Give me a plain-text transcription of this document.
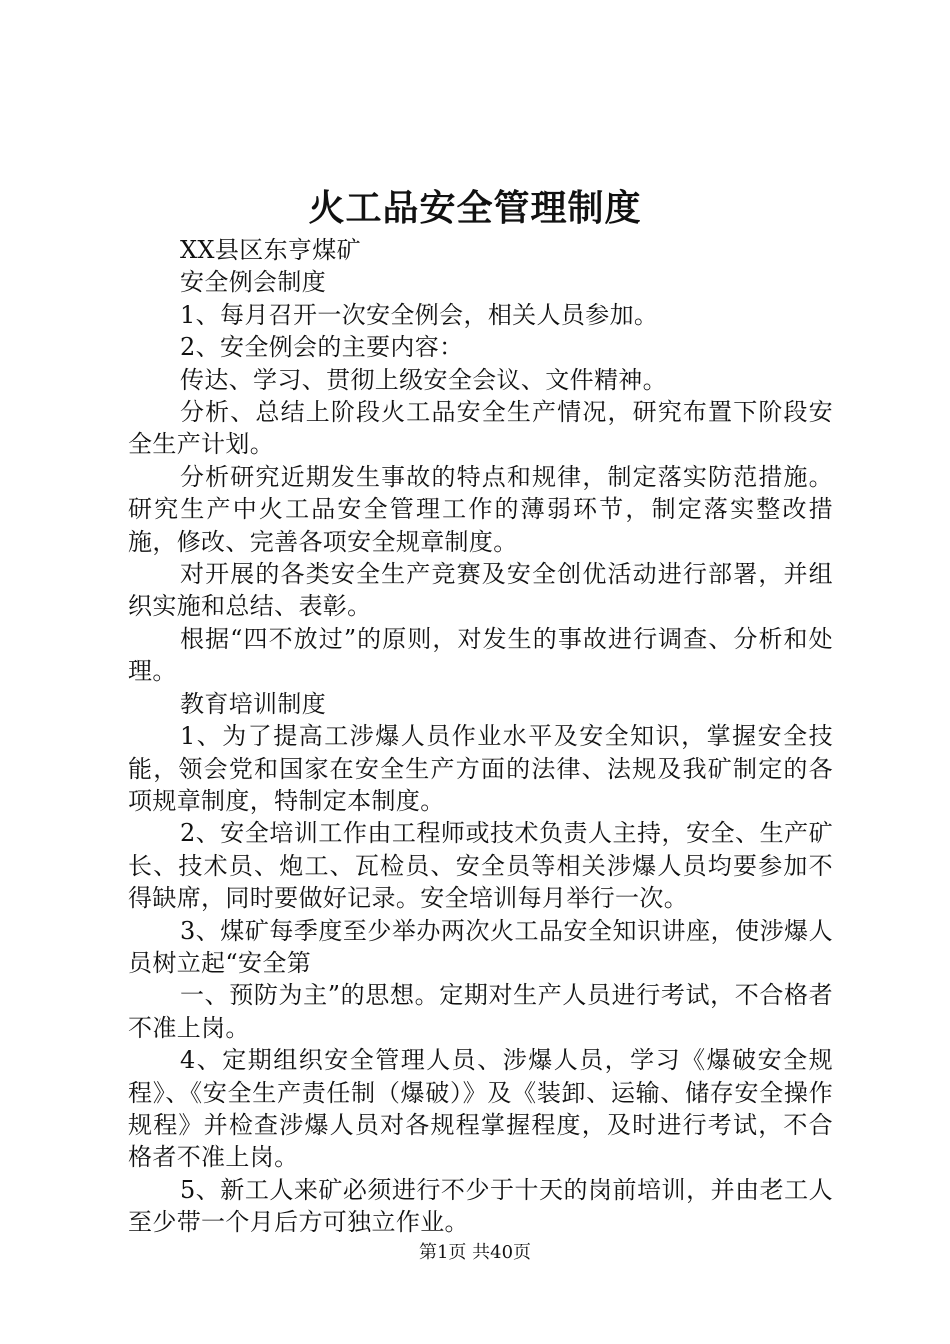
火工品安全管理制度

XX县区东亨煤矿

安全例会制度

1、每月召开一次安全例会，相关人员参加。

2、安全例会的主要内容：

传达、学习、贯彻上级安全会议、文件精神。

分析、总结上阶段火工品安全生产情况，研究布置下阶段安全生产计划。

分析研究近期发生事故的特点和规律，制定落实防范措施。研究生产中火工品安全管理工作的薄弱环节，制定落实整改措施，修改、完善各项安全规章制度。

对开展的各类安全生产竞赛及安全创优活动进行部署，并组织实施和总结、表彰。

根据“四不放过”的原则，对发生的事故进行调查、分析和处理。

教育培训制度

1、为了提高工涉爆人员作业水平及安全知识，掌握安全技能，领会党和国家在安全生产方面的法律、法规及我矿制定的各项规章制度，特制定本制度。

2、安全培训工作由工程师或技术负责人主持，安全、生产矿长、技术员、炮工、瓦检员、安全员等相关涉爆人员均要参加不得缺席，同时要做好记录。安全培训每月举行一次。

3、煤矿每季度至少举办两次火工品安全知识讲座，使涉爆人员树立起“安全第

一、预防为主”的思想。定期对生产人员进行考试，不合格者不准上岗。

4、定期组织安全管理人员、涉爆人员，学习《爆破安全规程》、《安全生产责任制（爆破）》及《装卸、运输、储存安全操作规程》并检查涉爆人员对各规程掌握程度，及时进行考试，不合格者不准上岗。

5、新工人来矿必须进行不少于十天的岗前培训，并由老工人至少带一个月后方可独立作业。

第1页 共40页
